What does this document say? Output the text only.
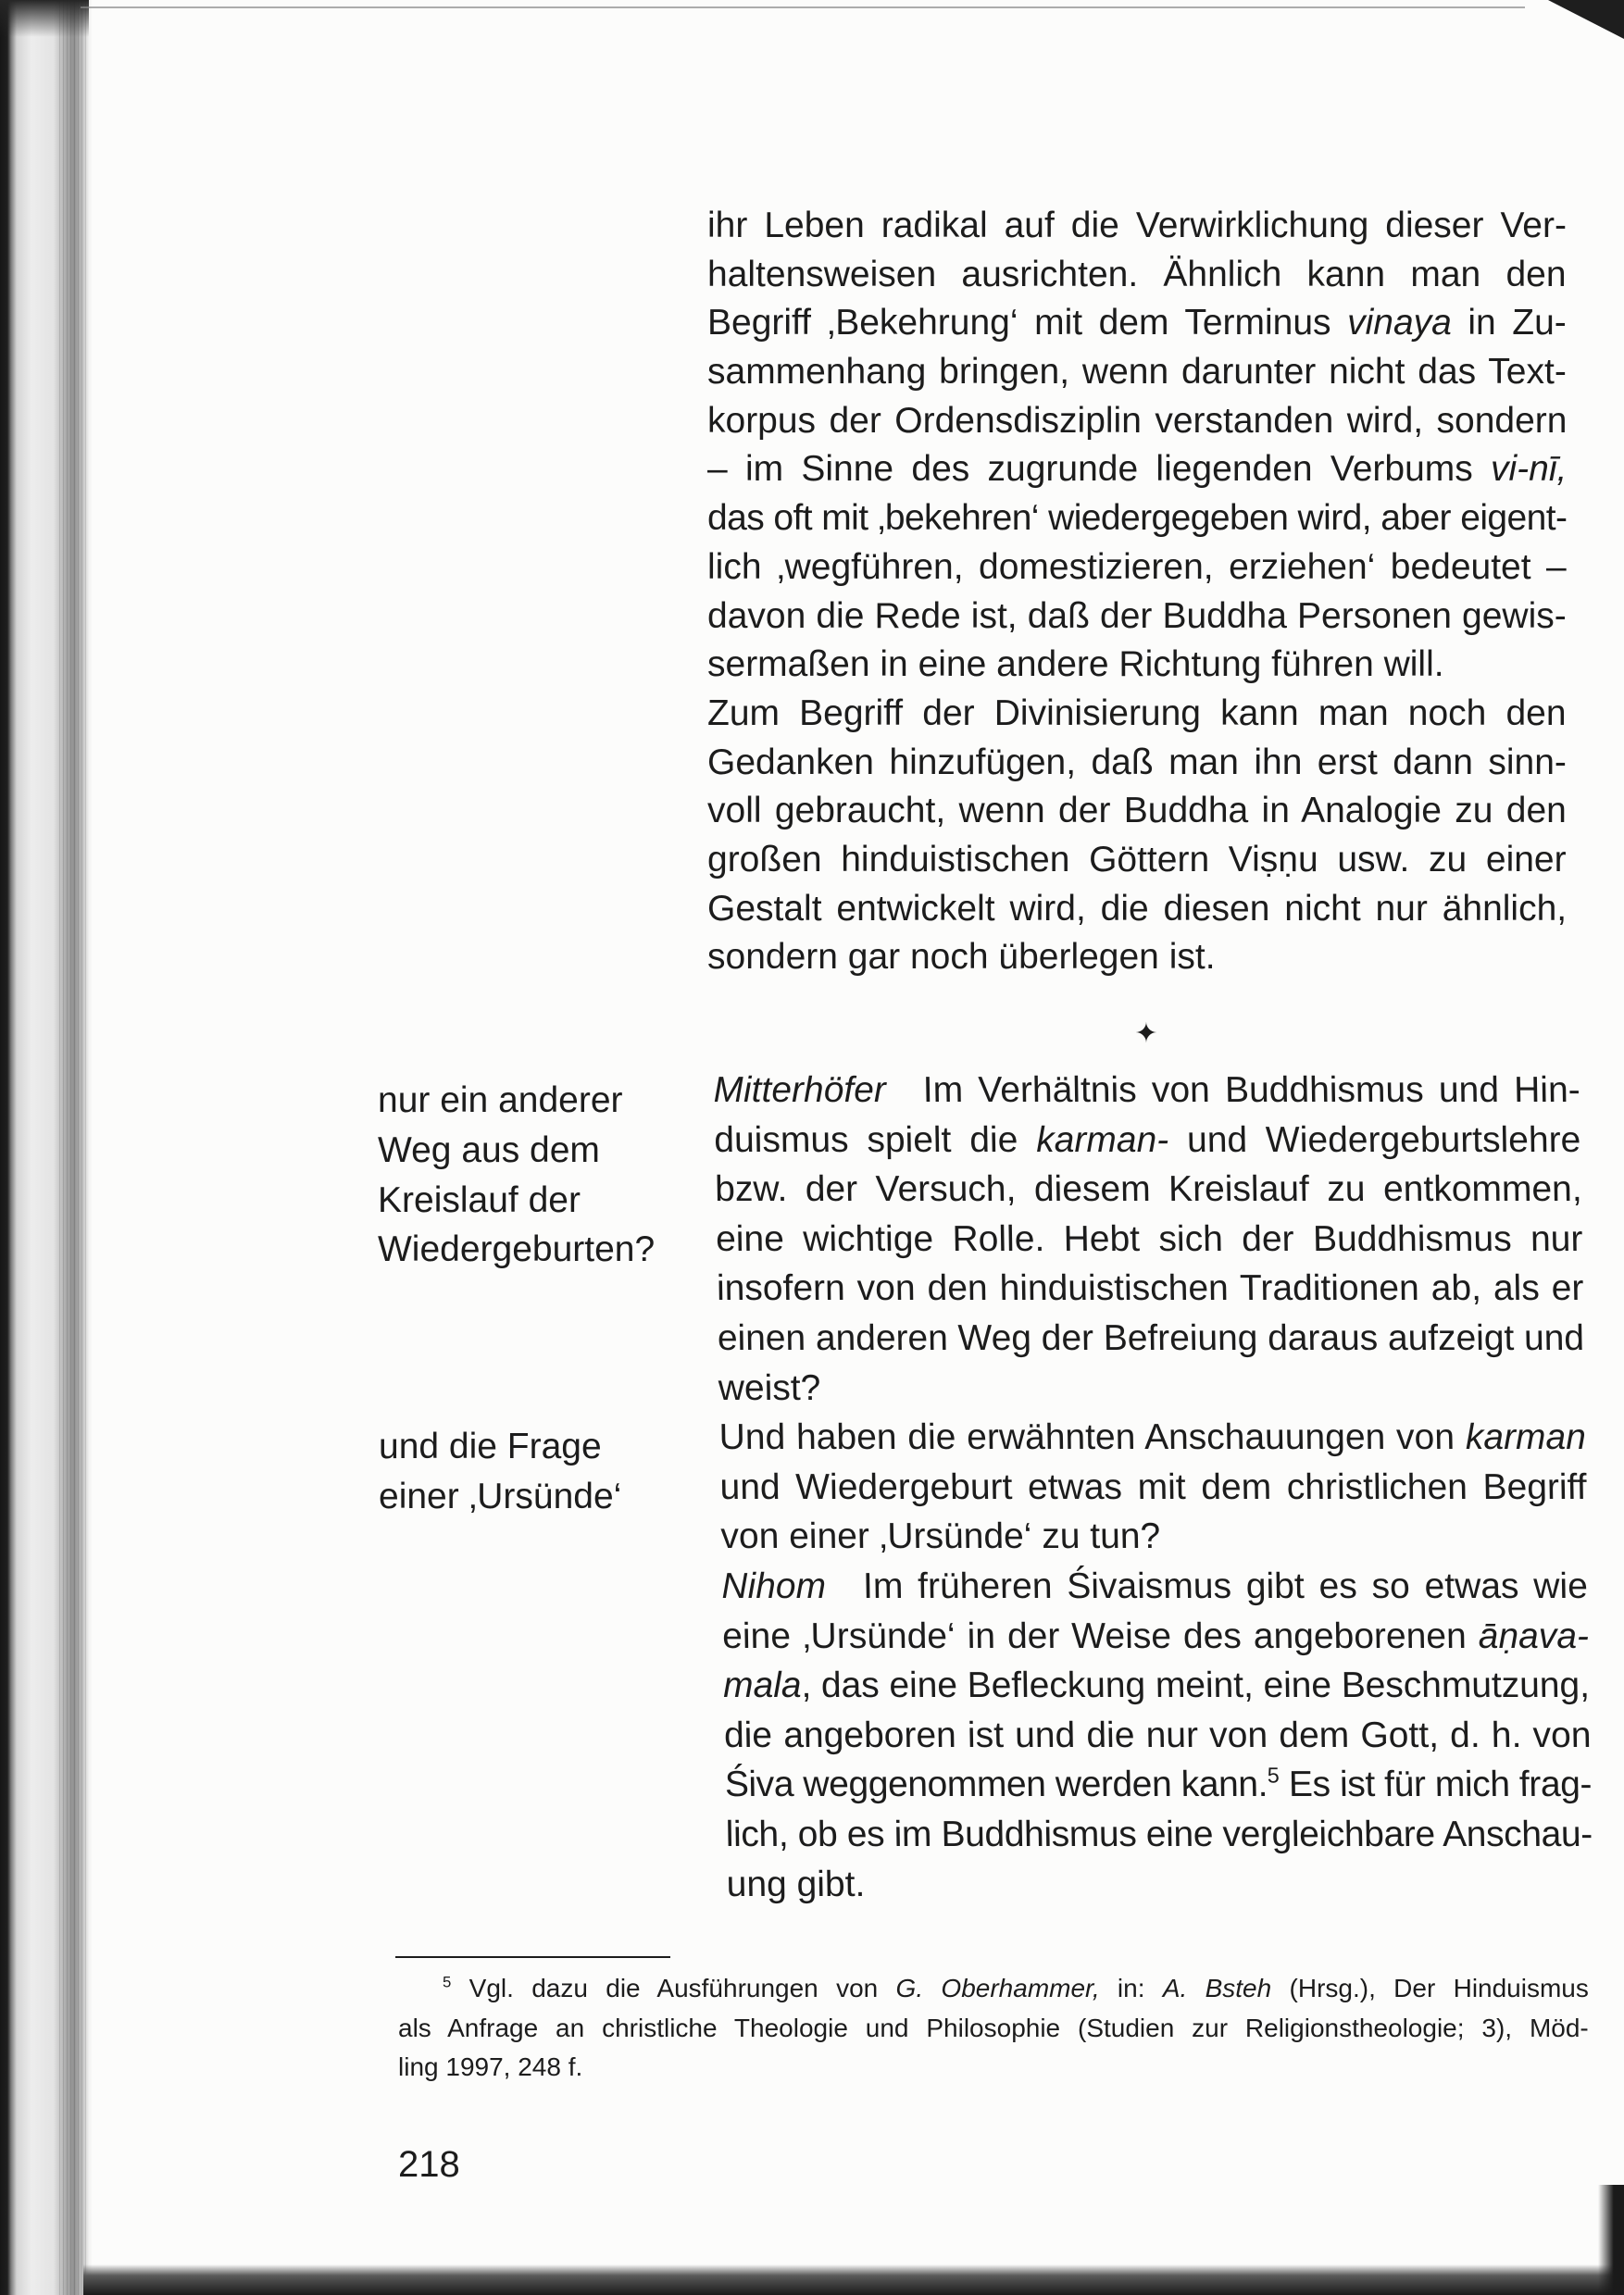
ihr Leben radikal auf die Verwirklichung dieser Ver-
haltensweisen ausrichten. Ähnlich kann man den
Begriff ‚Bekehrung‘ mit dem Terminus vinaya in Zu-
sammenhang bringen, wenn darunter nicht das Text-
korpus der Ordensdisziplin verstanden wird, sondern
– im Sinne des zugrunde liegenden Verbums vi-nī,
das oft mit ‚bekehren‘ wiedergegeben wird, aber eigent-
lich ‚wegführen, domestizieren, erziehen‘ bedeutet –
davon die Rede ist, daß der Buddha Personen gewis-
sermaßen in eine andere Richtung führen will.
Zum Begriff der Divinisierung kann man noch den
Gedanken hinzufügen, daß man ihn erst dann sinn-
voll gebraucht, wenn der Buddha in Analogie zu den
großen hinduistischen Göttern Viṣṇu usw. zu einer
Gestalt entwickelt wird, die diesen nicht nur ähnlich,
sondern gar noch überlegen ist.
✦
Mitterhöfer Im Verhältnis von Buddhismus und Hin-
duismus spielt die karman- und Wiedergeburtslehre
bzw. der Versuch, diesem Kreislauf zu entkommen,
eine wichtige Rolle. Hebt sich der Buddhismus nur
insofern von den hinduistischen Traditionen ab, als er
einen anderen Weg der Befreiung daraus aufzeigt und
weist?
Und haben die erwähnten Anschauungen von karman
und Wiedergeburt etwas mit dem christlichen Begriff
von einer ‚Ursünde‘ zu tun?
Nihom Im früheren Śivaismus gibt es so etwas wie
eine ‚Ursünde‘ in der Weise des angeborenen āṇava-
mala, das eine Befleckung meint, eine Beschmutzung,
die angeboren ist und die nur von dem Gott, d. h. von
Śiva weggenommen werden kann.$^5$ Es ist für mich frag-
lich, ob es im Buddhismus eine vergleichbare Anschau-
ung gibt.
nur ein anderer
Weg aus dem
Kreislauf der
Wiedergeburten?
und die Frage
einer ‚Ursünde‘
$^5$ Vgl. dazu die Ausführungen von G. Oberhammer, in: A. Bsteh (Hrsg.), Der Hinduismus
als Anfrage an christliche Theologie und Philosophie (Studien zur Religionstheologie; 3), Möd-
ling 1997, 248 f.
218
